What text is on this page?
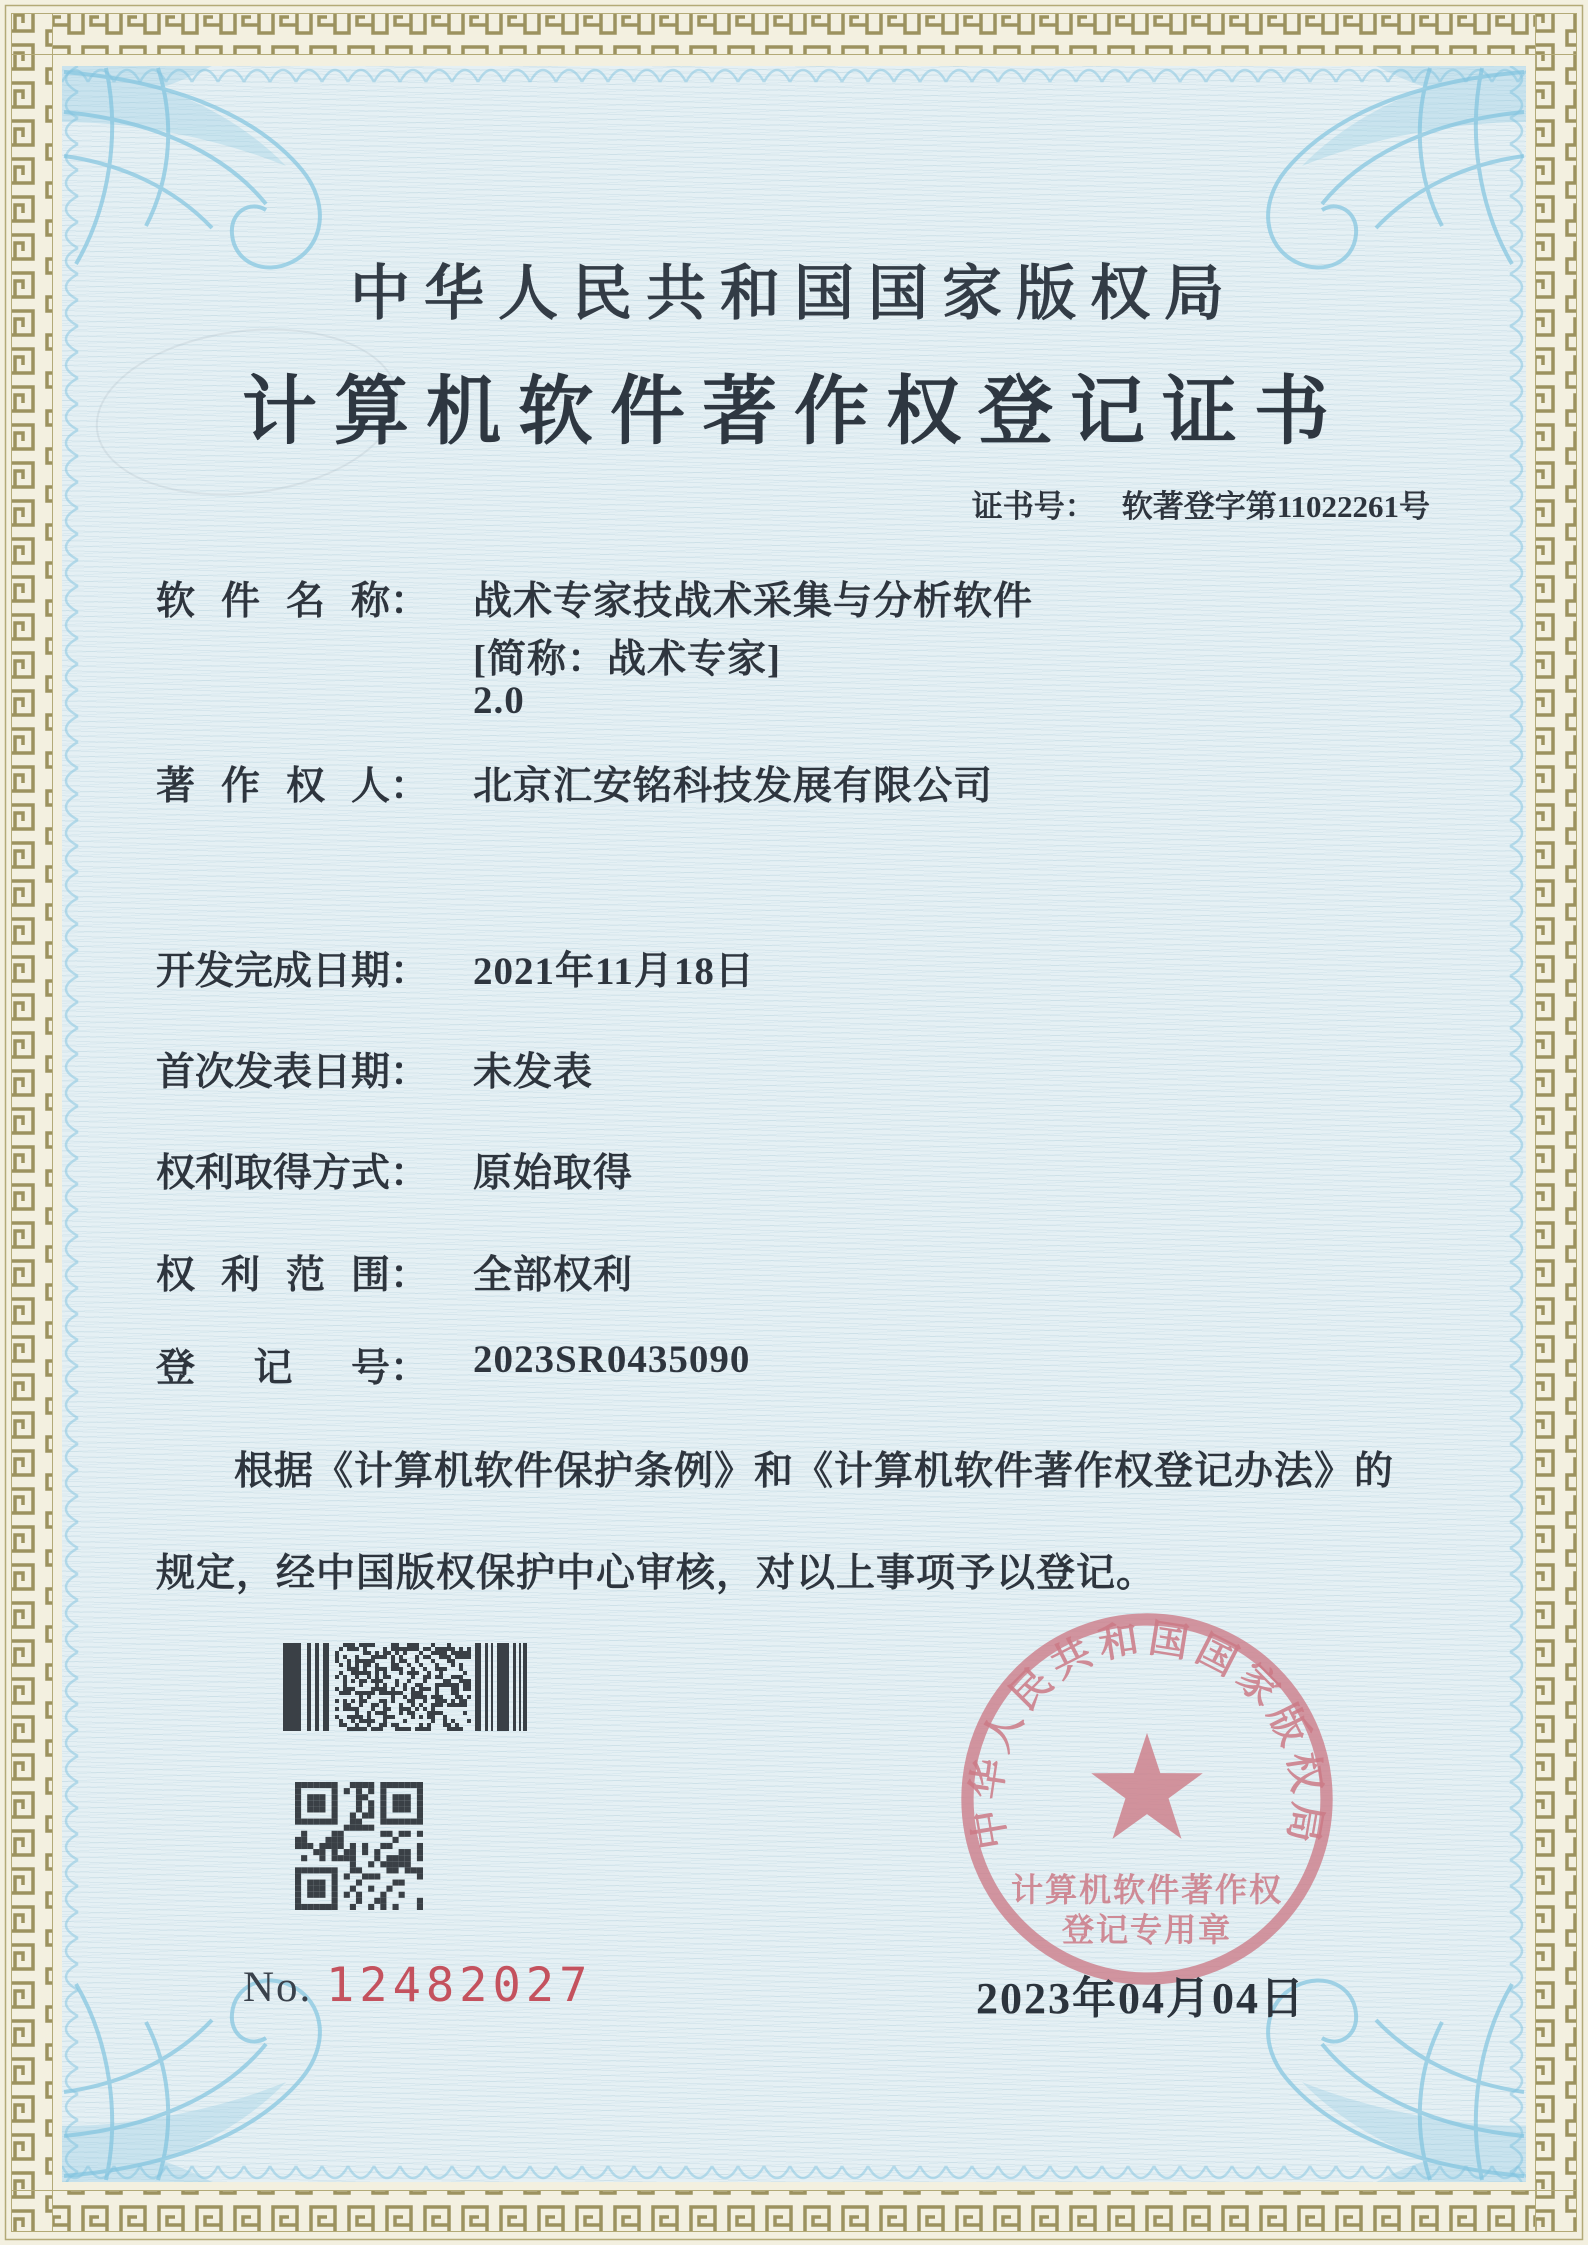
中华人民共和国国家版权局
计算机软件著作权登记证书
证书号： 软著登字第11022261号
软件名称： 战术专家技战术采集与分析软件
[简称：战术专家]
2.0
著作权人： 北京汇安铭科技发展有限公司
开发完成日期： 2021年11月18日
首次发表日期： 未发表
权利取得方式： 原始取得
权利范围： 全部权利
登记号： 2023SR0435090
根据《计算机软件保护条例》和《计算机软件著作权登记办法》的
规定，经中国版权保护中心审核，对以上事项予以登记。
No. 12482027
中华人民共和国国家版权局
计算机软件著作权
登记专用章
2023年04月04日
